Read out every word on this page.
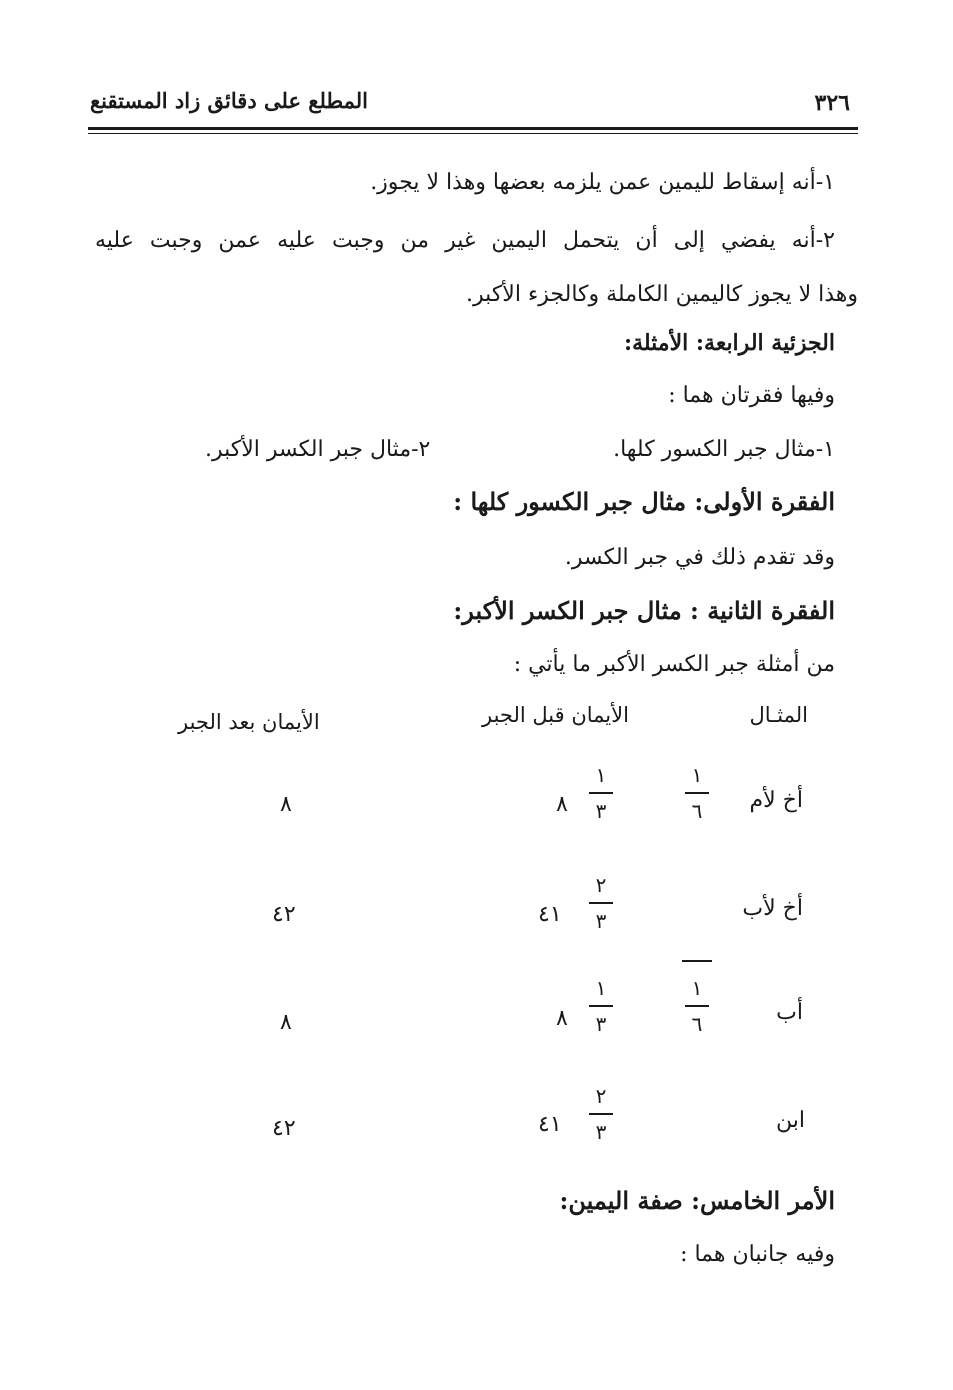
٣٢٦
المطلع على دقائق زاد المستقنع
١-أنه إسقاط لليمين عمن يلزمه بعضها وهذا لا يجوز.
٢-أنه يفضي إلى أن يتحمل اليمين غير من وجبت عليه عمن وجبت عليه
وهذا لا يجوز كاليمين الكاملة وكالجزء الأكبر.
الجزئية الرابعة: الأمثلة:
وفيها فقرتان هما :
١-مثال جبر الكسور كلها.
٢-مثال جبر الكسر الأكبر.
الفقرة الأولى: مثال جبر الكسور كلها :
وقد تقدم ذلك في جبر الكسر.
الفقرة الثانية : مثال جبر الكسر الأكبر:
من أمثلة جبر الكسر الأكبر ما يأتي :
المثـال
الأيمان قبل الجبر
الأيمان بعد الجبر
أخ لأم
١
٦
١
٣
٨
٨
أخ لأب
٢
٣
٤١
٤٢
أب
١
٦
١
٣
٨
٨
ابن
٢
٣
٤١
٤٢
الأمر الخامس: صفة اليمين:
وفيه جانبان هما :
